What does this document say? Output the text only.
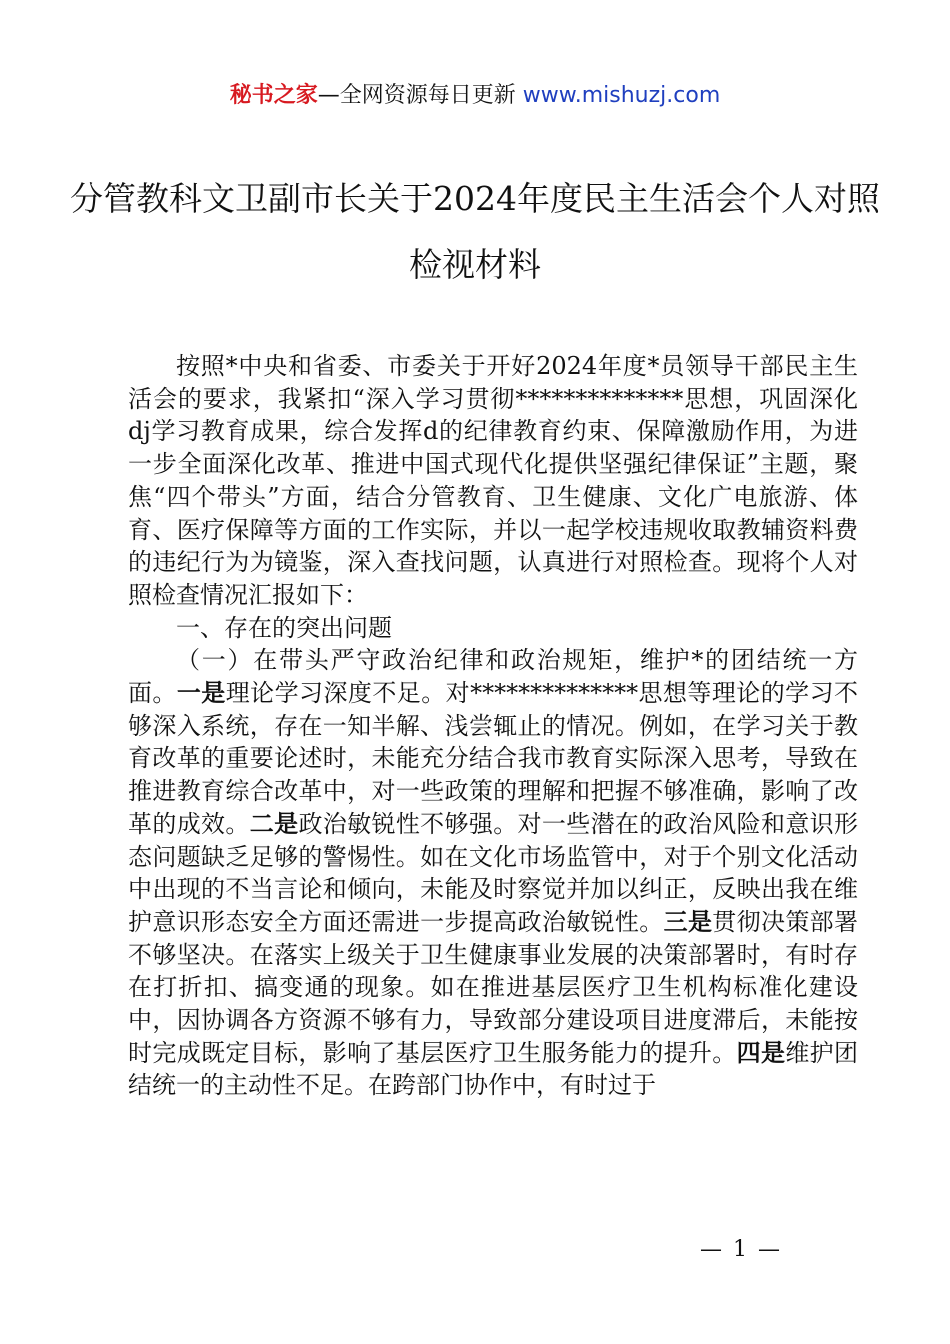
秘书之家—全网资源每日更新 www.mishuzj.com
分管教科文卫副市长关于2024年度民主生活会个人对照检视材料

按照*中央和省委、市委关于开好2024年度*员领导干部民主生活会的要求，我紧扣“深入学习贯彻**************思想，巩固深化dj学习教育成果，综合发挥d的纪律教育约束、保障激励作用，为进一步全面深化改革、推进中国式现代化提供坚强纪律保证”主题，聚焦“四个带头”方面，结合分管教育、卫生健康、文化广电旅游、体育、医疗保障等方面的工作实际，并以一起学校违规收取教辅资料费的违纪行为为镜鉴，深入查找问题，认真进行对照检查。现将个人对照检查情况汇报如下：

一、存在的突出问题

（一）在带头严守政治纪律和政治规矩，维护*的团结统一方面。一是理论学习深度不足。对**************思想等理论的学习不够深入系统，存在一知半解、浅尝辄止的情况。例如，在学习关于教育改革的重要论述时，未能充分结合我市教育实际深入思考，导致在推进教育综合改革中，对一些政策的理解和把握不够准确，影响了改革的成效。二是政治敏锐性不够强。对一些潜在的政治风险和意识形态问题缺乏足够的警惕性。如在文化市场监管中，对于个别文化活动中出现的不当言论和倾向，未能及时察觉并加以纠正，反映出我在维护意识形态安全方面还需进一步提高政治敏锐性。三是贯彻决策部署不够坚决。在落实上级关于卫生健康事业发展的决策部署时，有时存在打折扣、搞变通的现象。如在推进基层医疗卫生机构标准化建设中，因协调各方资源不够有力，导致部分建设项目进度滞后，未能按时完成既定目标，影响了基层医疗卫生服务能力的提升。四是维护团结统一的主动性不足。在跨部门协作中，有时过于

— 1 —
